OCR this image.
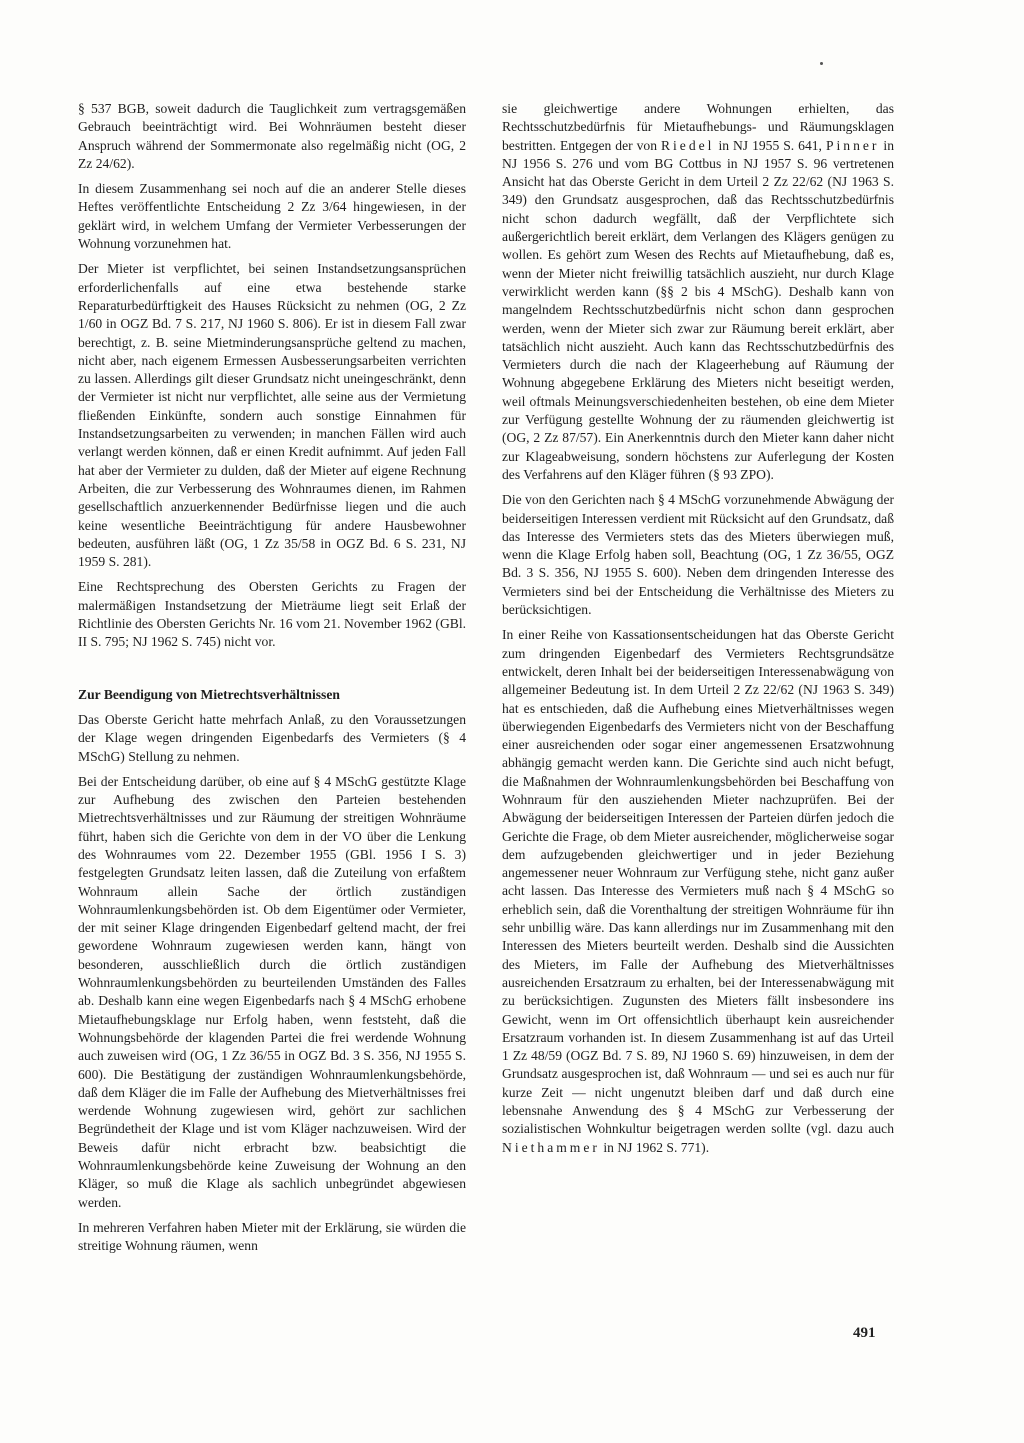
§ 537 BGB, soweit dadurch die Tauglichkeit zum vertragsgemäßen Gebrauch beeinträchtigt wird. Bei Wohnräumen besteht dieser Anspruch während der Sommermonate also regelmäßig nicht (OG, 2 Zz 24/62).

In diesem Zusammenhang sei noch auf die an anderer Stelle dieses Heftes veröffentlichte Entscheidung 2 Zz 3/64 hingewiesen, in der geklärt wird, in welchem Umfang der Vermieter Verbesserungen der Wohnung vorzunehmen hat.

Der Mieter ist verpflichtet, bei seinen Instandsetzungsansprüchen erforderlichenfalls auf eine etwa bestehende starke Reparaturbedürftigkeit des Hauses Rücksicht zu nehmen (OG, 2 Zz 1/60 in OGZ Bd. 7 S. 217, NJ 1960 S. 806). Er ist in diesem Fall zwar berechtigt, z. B. seine Mietminderungsansprüche geltend zu machen, nicht aber, nach eigenem Ermessen Ausbesserungsarbeiten verrichten zu lassen. Allerdings gilt dieser Grundsatz nicht uneingeschränkt, denn der Vermieter ist nicht nur verpflichtet, alle seine aus der Vermietung fließenden Einkünfte, sondern auch sonstige Einnahmen für Instandsetzungsarbeiten zu verwenden; in manchen Fällen wird auch verlangt werden können, daß er einen Kredit aufnimmt. Auf jeden Fall hat aber der Vermieter zu dulden, daß der Mieter auf eigene Rechnung Arbeiten, die zur Verbesserung des Wohnraumes dienen, im Rahmen gesellschaftlich anzuerkennender Bedürfnisse liegen und die auch keine wesentliche Beeinträchtigung für andere Hausbewohner bedeuten, ausführen läßt (OG, 1 Zz 35/58 in OGZ Bd. 6 S. 231, NJ 1959 S. 281).

Eine Rechtsprechung des Obersten Gerichts zu Fragen der malermäßigen Instandsetzung der Mieträume liegt seit Erlaß der Richtlinie des Obersten Gerichts Nr. 16 vom 21. November 1962 (GBl. II S. 795; NJ 1962 S. 745) nicht vor.

Zur Beendigung von Mietrechtsverhältnissen

Das Oberste Gericht hatte mehrfach Anlaß, zu den Voraussetzungen der Klage wegen dringenden Eigenbedarfs des Vermieters (§ 4 MSchG) Stellung zu nehmen.

Bei der Entscheidung darüber, ob eine auf § 4 MSchG gestützte Klage zur Aufhebung des zwischen den Parteien bestehenden Mietrechtsverhältnisses und zur Räumung der streitigen Wohnräume führt, haben sich die Gerichte von dem in der VO über die Lenkung des Wohnraumes vom 22. Dezember 1955 (GBl. 1956 I S. 3) festgelegten Grundsatz leiten lassen, daß die Zuteilung von erfaßtem Wohnraum allein Sache der örtlich zuständigen Wohnraumlenkungsbehörden ist. Ob dem Eigentümer oder Vermieter, der mit seiner Klage dringenden Eigenbedarf geltend macht, der frei gewordene Wohnraum zugewiesen werden kann, hängt von besonderen, ausschließlich durch die örtlich zuständigen Wohnraumlenkungsbehörden zu beurteilenden Umständen des Falles ab. Deshalb kann eine wegen Eigenbedarfs nach § 4 MSchG erhobene Mietaufhebungsklage nur Erfolg haben, wenn feststeht, daß die Wohnungsbehörde der klagenden Partei die frei werdende Wohnung auch zuweisen wird (OG, 1 Zz 36/55 in OGZ Bd. 3 S. 356, NJ 1955 S. 600). Die Bestätigung der zuständigen Wohnraumlenkungsbehörde, daß dem Kläger die im Falle der Aufhebung des Mietverhältnisses frei werdende Wohnung zugewiesen wird, gehört zur sachlichen Begründetheit der Klage und ist vom Kläger nachzuweisen. Wird der Beweis dafür nicht erbracht bzw. beabsichtigt die Wohnraumlenkungsbehörde keine Zuweisung der Wohnung an den Kläger, so muß die Klage als sachlich unbegründet abgewiesen werden.

In mehreren Verfahren haben Mieter mit der Erklärung, sie würden die streitige Wohnung räumen, wenn

sie gleichwertige andere Wohnungen erhielten, das Rechtsschutzbedürfnis für Mietaufhebungs- und Räumungsklagen bestritten. Entgegen der von Riedel in NJ 1955 S. 641, Pinner in NJ 1956 S. 276 und vom BG Cottbus in NJ 1957 S. 96 vertretenen Ansicht hat das Oberste Gericht in dem Urteil 2 Zz 22/62 (NJ 1963 S. 349) den Grundsatz ausgesprochen, daß das Rechtsschutzbedürfnis nicht schon dadurch wegfällt, daß der Verpflichtete sich außergerichtlich bereit erklärt, dem Verlangen des Klägers genügen zu wollen. Es gehört zum Wesen des Rechts auf Mietaufhebung, daß es, wenn der Mieter nicht freiwillig tatsächlich auszieht, nur durch Klage verwirklicht werden kann (§§ 2 bis 4 MSchG). Deshalb kann von mangelndem Rechtsschutzbedürfnis nicht schon dann gesprochen werden, wenn der Mieter sich zwar zur Räumung bereit erklärt, aber tatsächlich nicht auszieht. Auch kann das Rechtsschutzbedürfnis des Vermieters durch die nach der Klageerhebung auf Räumung der Wohnung abgegebene Erklärung des Mieters nicht beseitigt werden, weil oftmals Meinungsverschiedenheiten bestehen, ob eine dem Mieter zur Verfügung gestellte Wohnung der zu räumenden gleichwertig ist (OG, 2 Zz 87/57). Ein Anerkenntnis durch den Mieter kann daher nicht zur Klageabweisung, sondern höchstens zur Auferlegung der Kosten des Verfahrens auf den Kläger führen (§ 93 ZPO).

Die von den Gerichten nach § 4 MSchG vorzunehmende Abwägung der beiderseitigen Interessen verdient mit Rücksicht auf den Grundsatz, daß das Interesse des Vermieters stets das des Mieters überwiegen muß, wenn die Klage Erfolg haben soll, Beachtung (OG, 1 Zz 36/55, OGZ Bd. 3 S. 356, NJ 1955 S. 600). Neben dem dringenden Interesse des Vermieters sind bei der Entscheidung die Verhältnisse des Mieters zu berücksichtigen.

In einer Reihe von Kassationsentscheidungen hat das Oberste Gericht zum dringenden Eigenbedarf des Vermieters Rechtsgrundsätze entwickelt, deren Inhalt bei der beiderseitigen Interessenabwägung von allgemeiner Bedeutung ist. In dem Urteil 2 Zz 22/62 (NJ 1963 S. 349) hat es entschieden, daß die Aufhebung eines Mietverhältnisses wegen überwiegenden Eigenbedarfs des Vermieters nicht von der Beschaffung einer ausreichenden oder sogar einer angemessenen Ersatzwohnung abhängig gemacht werden kann. Die Gerichte sind auch nicht befugt, die Maßnahmen der Wohnraumlenkungsbehörden bei Beschaffung von Wohnraum für den ausziehenden Mieter nachzuprüfen. Bei der Abwägung der beiderseitigen Interessen der Parteien dürfen jedoch die Gerichte die Frage, ob dem Mieter ausreichender, möglicherweise sogar dem aufzugebenden gleichwertiger und in jeder Beziehung angemessener neuer Wohnraum zur Verfügung stehe, nicht ganz außer acht lassen. Das Interesse des Vermieters muß nach § 4 MSchG so erheblich sein, daß die Vorenthaltung der streitigen Wohnräume für ihn sehr unbillig wäre. Das kann allerdings nur im Zusammenhang mit den Interessen des Mieters beurteilt werden. Deshalb sind die Aussichten des Mieters, im Falle der Aufhebung des Mietverhältnisses ausreichenden Ersatzraum zu erhalten, bei der Interessenabwägung mit zu berücksichtigen. Zugunsten des Mieters fällt insbesondere ins Gewicht, wenn im Ort offensichtlich überhaupt kein ausreichender Ersatzraum vorhanden ist. In diesem Zusammenhang ist auf das Urteil 1 Zz 48/59 (OGZ Bd. 7 S. 89, NJ 1960 S. 69) hinzuweisen, in dem der Grundsatz ausgesprochen ist, daß Wohnraum — und sei es auch nur für kurze Zeit — nicht ungenutzt bleiben darf und daß durch eine lebensnahe Anwendung des § 4 MSchG zur Verbesserung der sozialistischen Wohnkultur beigetragen werden sollte (vgl. dazu auch Niethammer in NJ 1962 S. 771).

491
